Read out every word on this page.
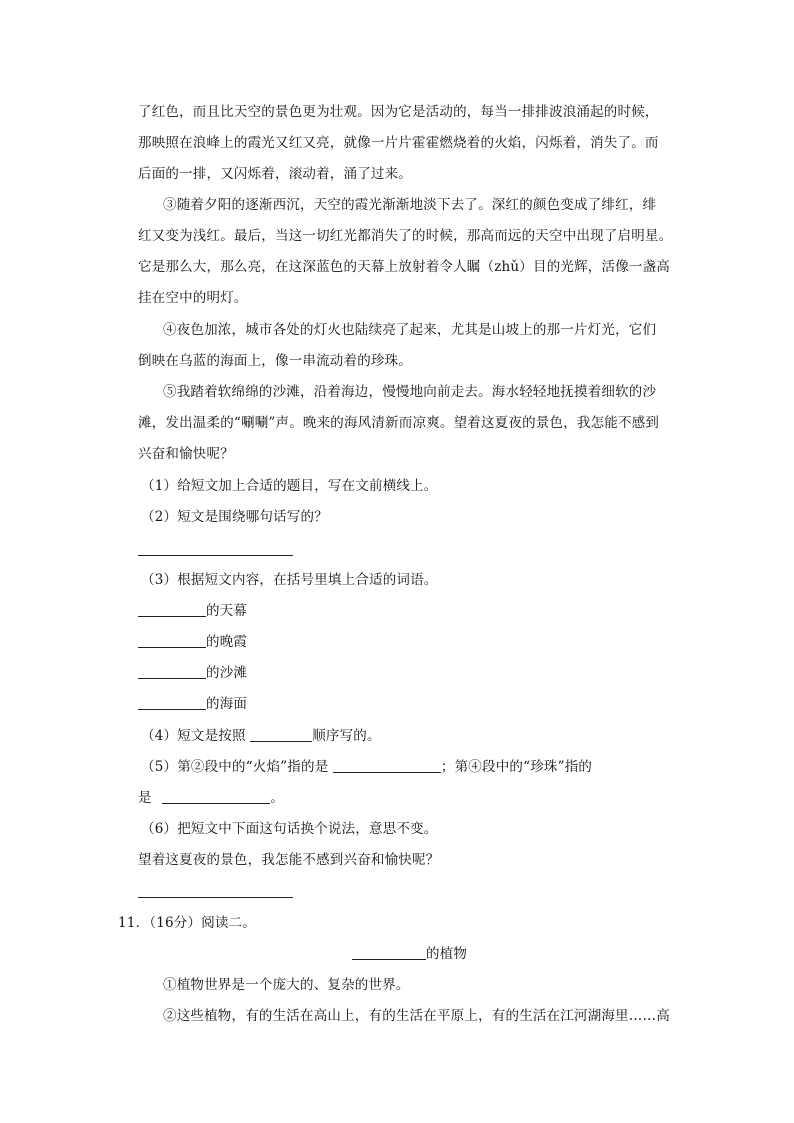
了红色，而且比天空的景色更为壮观。因为它是活动的，每当一排排波浪涌起的时候，
那映照在浪峰上的霞光又红又亮，就像一片片霍霍燃烧着的火焰，闪烁着，消失了。而
后面的一排，又闪烁着，滚动着，涌了过来。
③随着夕阳的逐渐西沉，天空的霞光渐渐地淡下去了。深红的颜色变成了绯红，绯
红又变为浅红。最后，当这一切红光都消失了的时候，那高而远的天空中出现了启明星。
它是那么大，那么亮，在这深蓝色的天幕上放射着令人瞩（zhǔ）目的光辉，活像一盏高
挂在空中的明灯。
④夜色加浓，城市各处的灯火也陆续亮了起来，尤其是山坡上的那一片灯光，它们
倒映在乌蓝的海面上，像一串流动着的珍珠。
⑤我踏着软绵绵的沙滩，沿着海边，慢慢地向前走去。海水轻轻地抚摸着细软的沙
滩，发出温柔的“唰唰”声。晚来的海风清新而凉爽。望着这夏夜的景色，我怎能不感到
兴奋和愉快呢？
（1）给短文加上合适的题目，写在文前横线上。
（2）短文是围绕哪句话写的？
（3）根据短文内容，在括号里填上合适的词语。
的天幕
的晚霞
的沙滩
的海面
（4）短文是按照	顺序写的。
（5）第②段中的“火焰”指的是	；第④段中的“珍珠”指的
是	。
（6）把短文中下面这句话换个说法，意思不变。
望着这夏夜的景色，我怎能不感到兴奋和愉快呢？
11．（16分）阅读二。
的植物
①植物世界是一个庞大的、复杂的世界。
②这些植物，有的生活在高山上，有的生活在平原上，有的生活在江河湖海里……高
